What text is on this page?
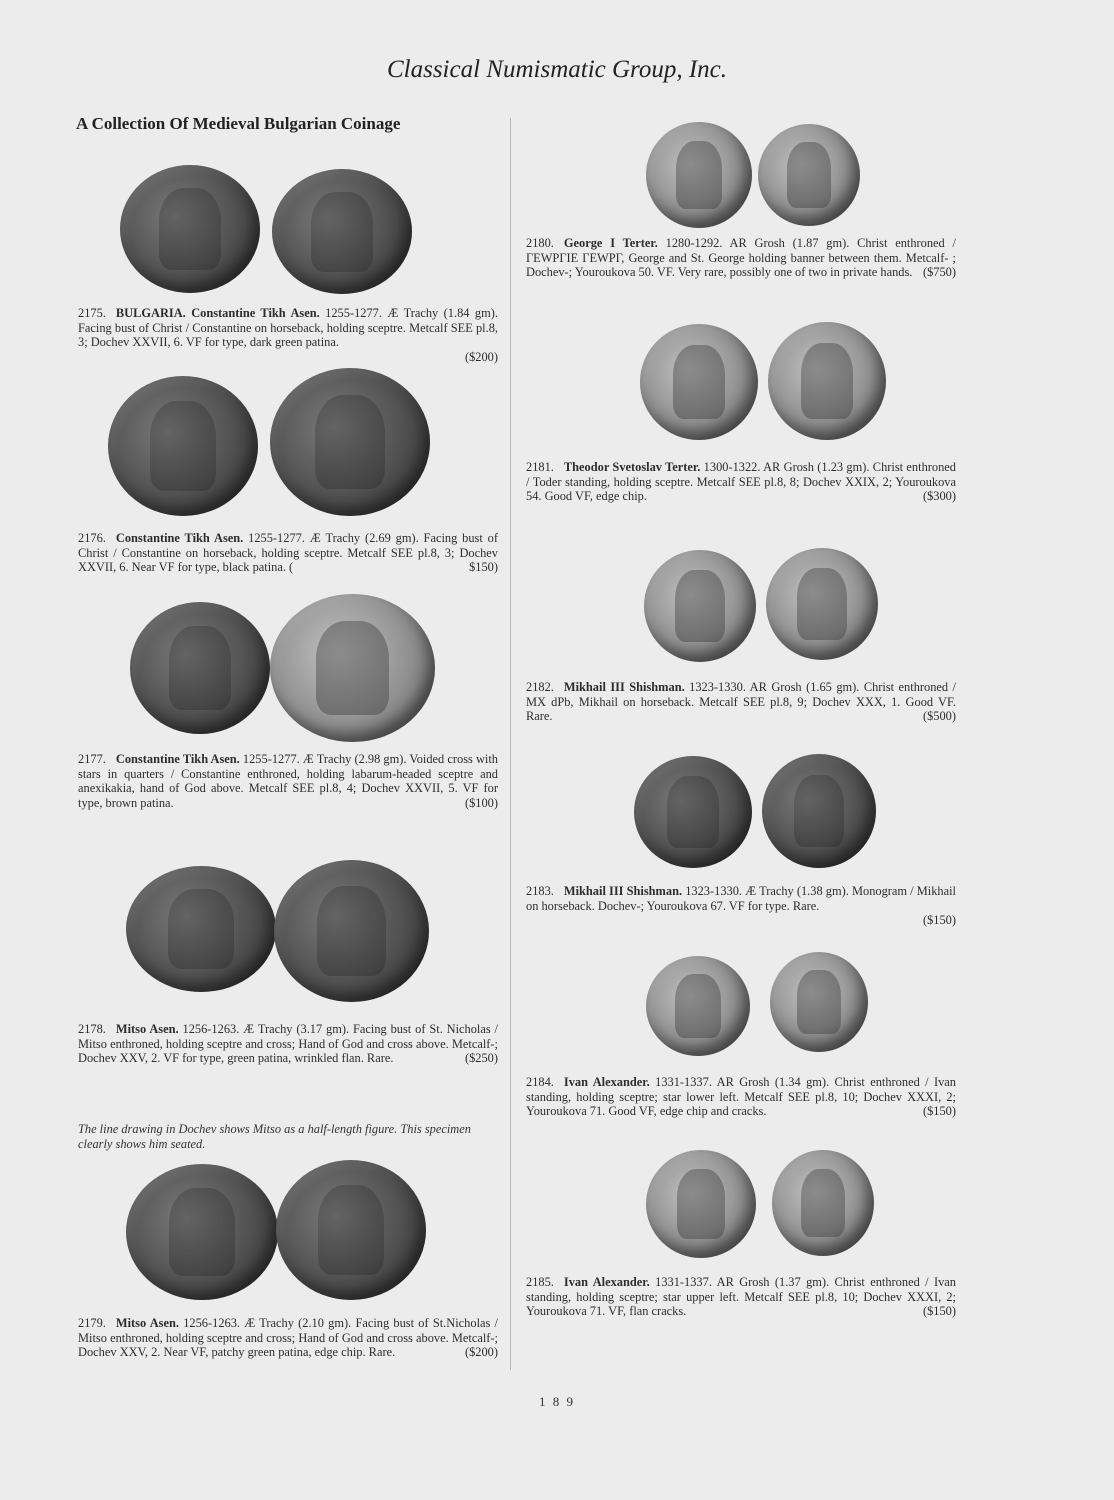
Classical Numismatic Group, Inc.
A Collection Of Medieval Bulgarian Coinage
2175. BULGARIA. Constantine Tikh Asen. 1255-1277. Æ Trachy (1.84 gm). Facing bust of Christ / Constantine on horseback, holding sceptre. Metcalf SEE pl.8, 3; Dochev XXVII, 6. VF for type, dark green patina.
($200)
2176. Constantine Tikh Asen. 1255-1277. Æ Trachy (2.69 gm). Facing bust of Christ / Constantine on horseback, holding sceptre. Metcalf SEE pl.8, 3; Dochev XXVII, 6. Near VF for type, black patina. (	$150)
2177. Constantine Tikh Asen. 1255-1277. Æ Trachy (2.98 gm). Voided cross with stars in quarters / Constantine enthroned, holding labarum-headed sceptre and anexikakia, hand of God above. Metcalf SEE pl.8, 4; Dochev XXVII, 5. VF for type, brown patina.	($100)
2178. Mitso Asen. 1256-1263. Æ Trachy (3.17 gm). Facing bust of St. Nicholas / Mitso enthroned, holding sceptre and cross; Hand of God and cross above. Metcalf-; Dochev XXV, 2. VF for type, green patina, wrinkled flan. Rare.	($250)
The line drawing in Dochev shows Mitso as a half-length figure. This specimen clearly shows him seated.
2179. Mitso Asen. 1256-1263. Æ Trachy (2.10 gm). Facing bust of St.Nicholas / Mitso enthroned, holding sceptre and cross; Hand of God and cross above. Metcalf-; Dochev XXV, 2. Near VF, patchy green patina, edge chip. Rare.	($200)
2180. George I Terter. 1280-1292. AR Grosh (1.87 gm). Christ enthroned / ΓΕWΡΓΙΕ ΓΕWΡΓ, George and St. George holding banner between them. Metcalf- ; Dochev-; Youroukova 50. VF. Very rare, possibly one of two in private hands. ($750)
2181. Theodor Svetoslav Terter. 1300-1322. AR Grosh (1.23 gm). Christ enthroned / Toder standing, holding sceptre. Metcalf SEE pl.8, 8; Dochev XXIX, 2; Youroukova 54. Good VF, edge chip.	($300)
2182. Mikhail III Shishman. 1323-1330. AR Grosh (1.65 gm). Christ enthroned / MX dPb, Mikhail on horseback. Metcalf SEE pl.8, 9; Dochev XXX, 1. Good VF. Rare.	($500)
2183. Mikhail III Shishman. 1323-1330. Æ Trachy (1.38 gm). Monogram / Mikhail on horseback. Dochev-; Youroukova 67. VF for type. Rare.
($150)
2184. Ivan Alexander. 1331-1337. AR Grosh (1.34 gm). Christ enthroned / Ivan standing, holding sceptre; star lower left. Metcalf SEE pl.8, 10; Dochev XXXI, 2; Youroukova 71. Good VF, edge chip and cracks.	($150)
2185. Ivan Alexander. 1331-1337. AR Grosh (1.37 gm). Christ enthroned / Ivan standing, holding sceptre; star upper left. Metcalf SEE pl.8, 10; Dochev XXXI, 2; Youroukova 71. VF, flan cracks.	($150)
1 8 9
